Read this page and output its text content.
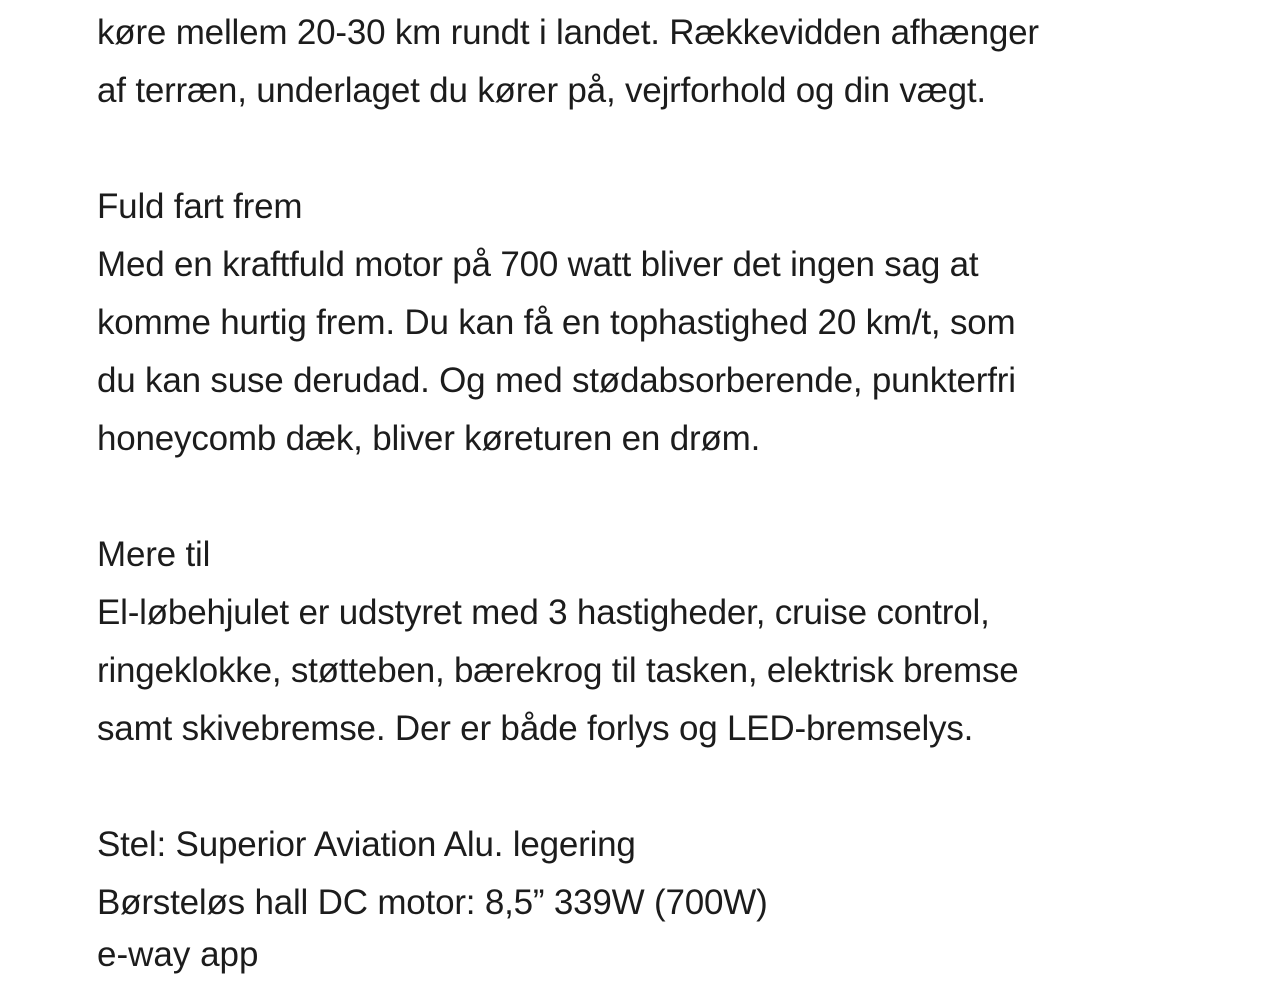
køre mellem 20-30 km rundt i landet. Rækkevidden afhænger
af terræn, underlaget du kører på, vejrforhold og din vægt.
Fuld fart frem
Med en kraftfuld motor på 700 watt bliver det ingen sag at
komme hurtig frem. Du kan få en tophastighed 20 km/t, som
du kan suse derudad. Og med stødabsorberende, punkterfri
honeycomb dæk, bliver køreturen en drøm.
Mere til
El-løbehjulet er udstyret med 3 hastigheder, cruise control,
ringeklokke, støtteben, bærekrog til tasken, elektrisk bremse
samt skivebremse. Der er både forlys og LED-bremselys.
Stel: Superior Aviation Alu. legering
Børsteløs hall DC motor: 8,5” 339W (700W)
e-way app
